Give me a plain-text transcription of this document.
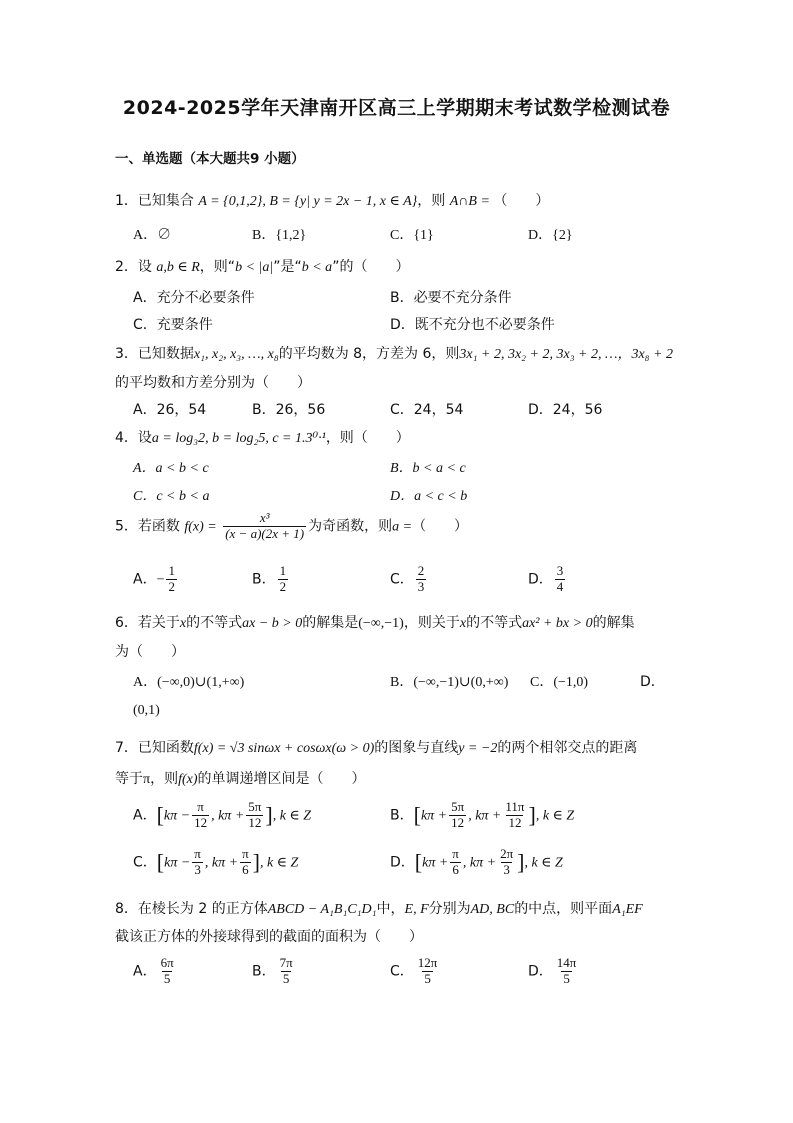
2024-2025学年天津南开区高三上学期期末考试数学检测试卷
一、单选题（本大题共9 小题）
1．已知集合 A = {0,1,2}, B = {y| y = 2x − 1, x ∈ A}，则 A∩B = （　　）
A．∅	B．{1,2}	C．{1}	D．{2}
2．设 a,b ∈ R，则“b < |a|”是“b < a”的（　　）
A．充分不必要条件	B．必要不充分条件
C．充要条件	D．既不充分也不必要条件
3．已知数据x₁, x₂, x₃, …, x₈的平均数为 8，方差为 6，则3x₁ + 2, 3x₂ + 2, 3x₃ + 2, …，3x₈ + 2
的平均数和方差分别为（　　）
A．26，54	B．26，56	C．24，54	D．24，56
4．设a = log₃2, b = log₂5, c = 1.3⁰·¹，则（　　）
A．a < b < c	B．b < a < c
C．c < b < a	D．a < c < b
5．若函数 $f(x) = \frac{\text{x³}}{(x - a)(2x + 1)}$ 为奇函数，则a =（　　）
A．− $\frac{1}{2}$	B． $\frac{1}{2}$	C． $\frac{2}{3}$	D． $\frac{3}{4}$
6．若关于x的不等式ax − b > 0的解集是(−∞,−1)，则关于x的不等式ax² + bx > 0的解集
为（　　）
A．(−∞,0)∪(1,+∞)	B．(−∞,−1)∪(0,+∞) C．(−1,0)	D．
(0,1)
7．已知函数f(x) = √3 sinωx + cosωx(ω > 0)的图象与直线y = −2的两个相邻交点的距离
等于π，则f(x)的单调递增区间是（　　）
A．[$k\pi - \frac{\pi}{12}$ , $k\pi + \frac{5\pi}{12}$ ], k ∈ Z	B．[$k\pi + \frac{5\pi}{12}$ , $k\pi + \frac{11\pi}{12}$ ], k ∈ Z
C．[$k\pi - \frac{\pi}{3}$ , $k\pi + \frac{\pi}{6}$ ], k ∈ Z	D．[$k\pi + \frac{\pi}{6}$ , $k\pi + \frac{2\pi}{3}$ ], k ∈ Z
8．在棱长为 2 的正方体ABCD − A₁B₁C₁D₁中，E, F分别为AD, BC的中点，则平面A₁EF
截该正方体的外接球得到的截面的面积为（　　）
A． $\frac{6\pi}{5}$	B． $\frac{7\pi}{5}$	C． $\frac{12\pi}{5}$	D． $\frac{14\pi}{5}$
